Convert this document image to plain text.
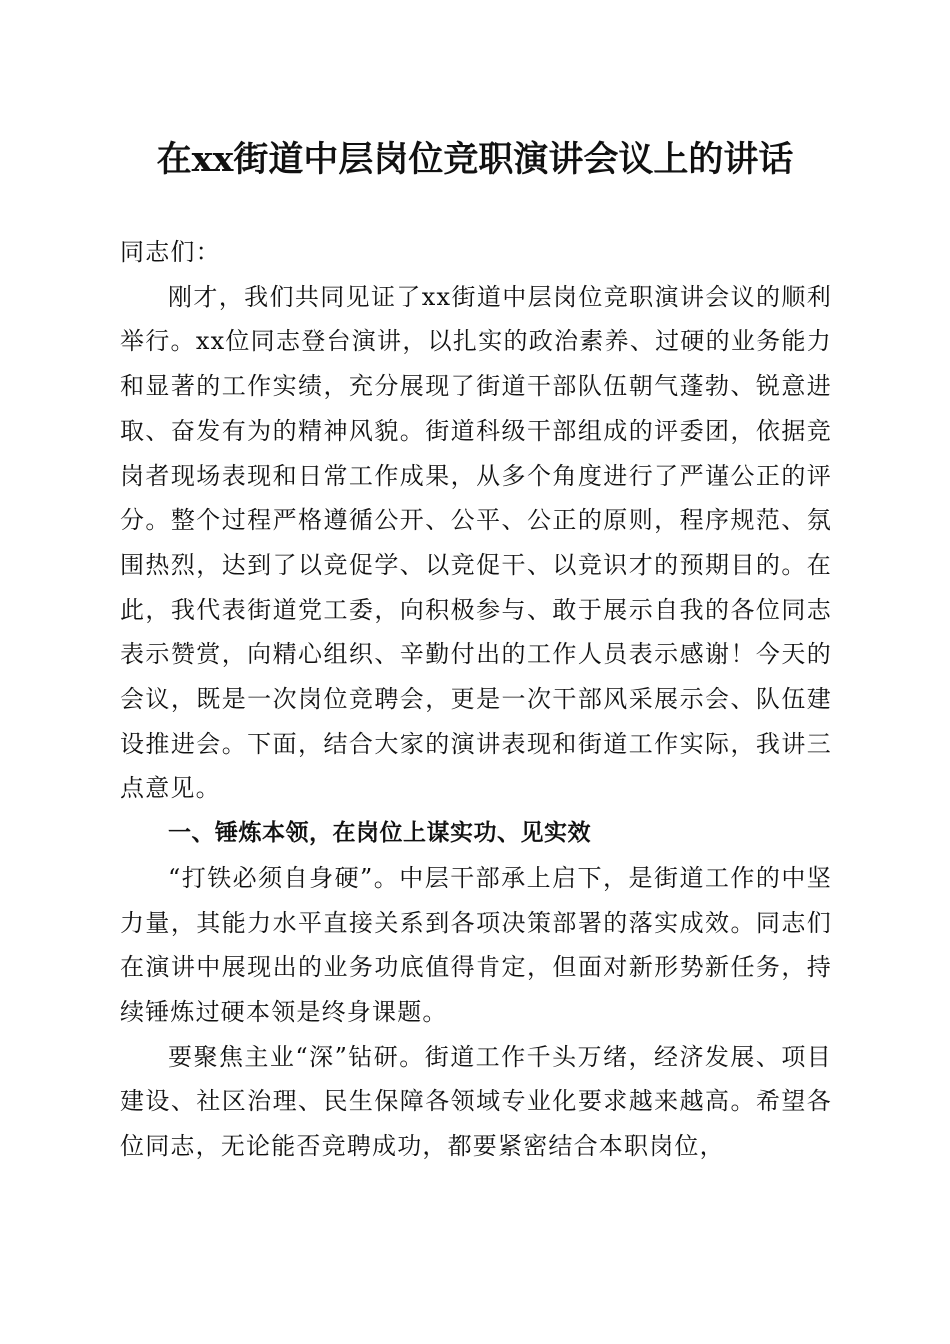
在xx街道中层岗位竞职演讲会议上的讲话

同志们：

刚才，我们共同见证了xx街道中层岗位竞职演讲会议的顺利举行。xx位同志登台演讲，以扎实的政治素养、过硬的业务能力和显著的工作实绩，充分展现了街道干部队伍朝气蓬勃、锐意进取、奋发有为的精神风貌。街道科级干部组成的评委团，依据竞岗者现场表现和日常工作成果，从多个角度进行了严谨公正的评分。整个过程严格遵循公开、公平、公正的原则，程序规范、氛围热烈，达到了以竞促学、以竞促干、以竞识才的预期目的。在此，我代表街道党工委，向积极参与、敢于展示自我的各位同志表示赞赏，向精心组织、辛勤付出的工作人员表示感谢！今天的会议，既是一次岗位竞聘会，更是一次干部风采展示会、队伍建设推进会。下面，结合大家的演讲表现和街道工作实际，我讲三点意见。

一、锤炼本领，在岗位上谋实功、见实效

“打铁必须自身硬”。中层干部承上启下，是街道工作的中坚力量，其能力水平直接关系到各项决策部署的落实成效。同志们在演讲中展现出的业务功底值得肯定，但面对新形势新任务，持续锤炼过硬本领是终身课题。

要聚焦主业“深”钻研。街道工作千头万绪，经济发展、项目建设、社区治理、民生保障各领域专业化要求越来越高。希望各位同志，无论能否竞聘成功，都要紧密结合本职岗位，
